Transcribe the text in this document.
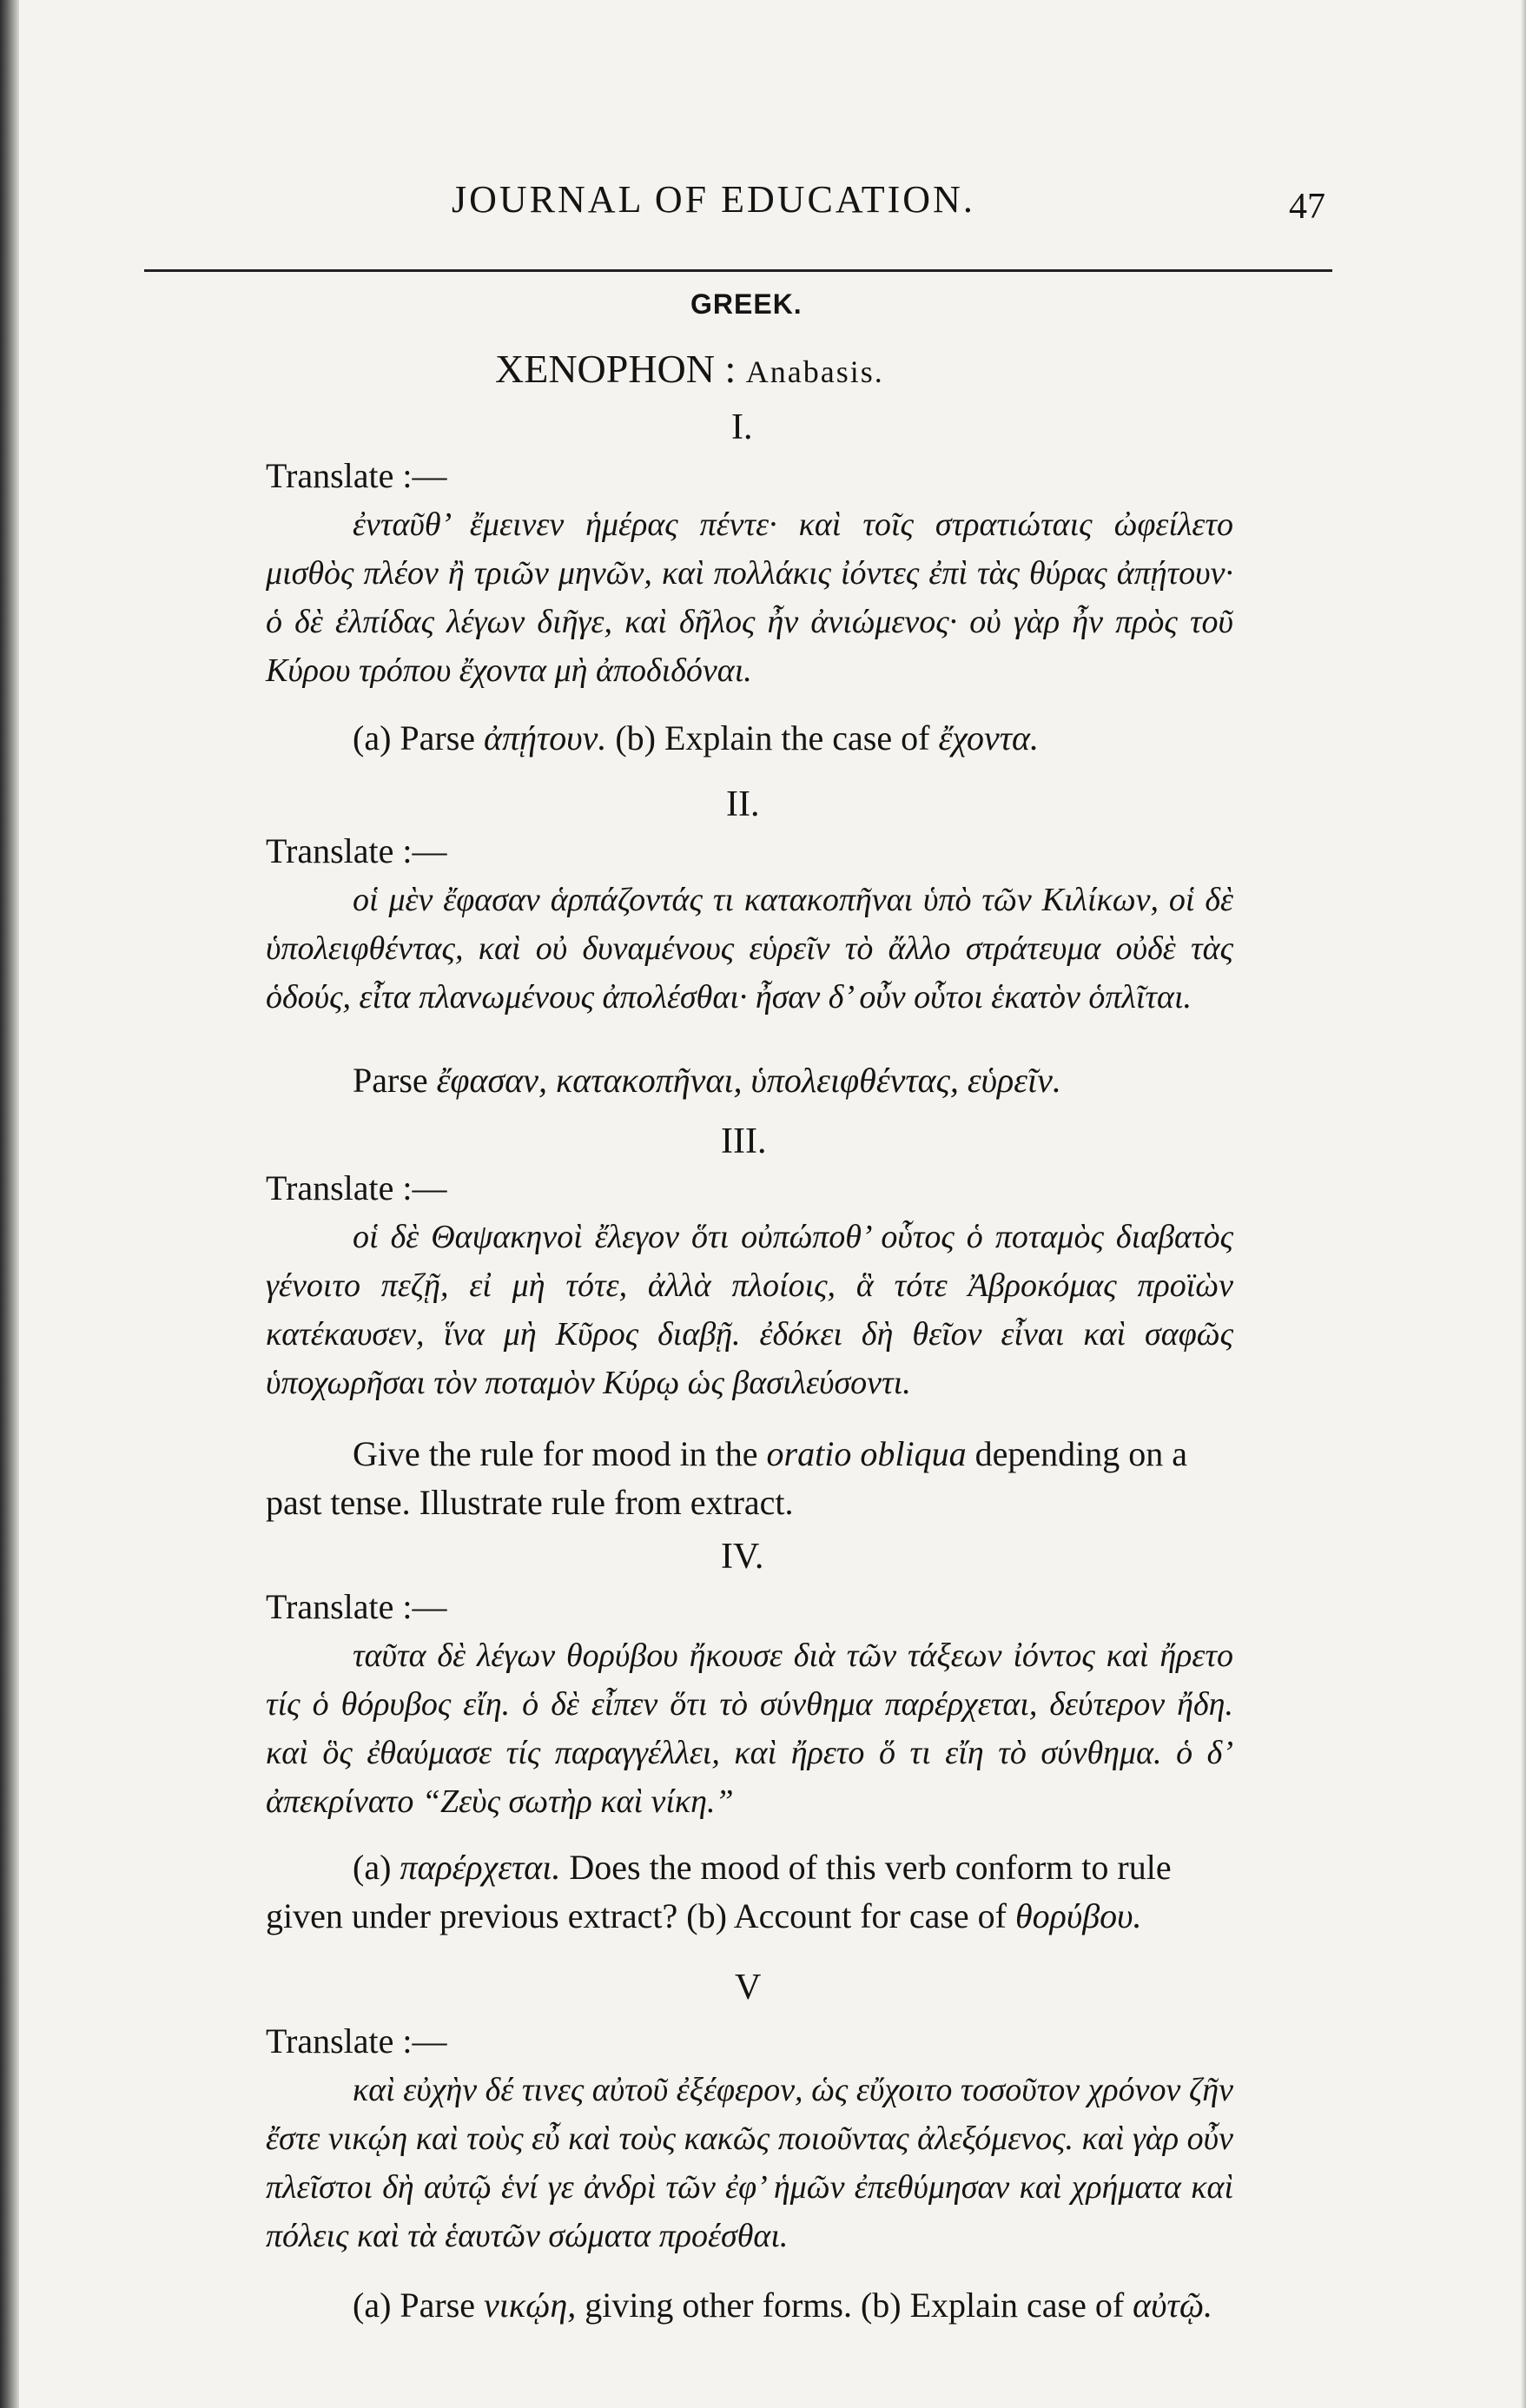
JOURNAL OF EDUCATION.	47
GREEK.
XENOPHON : Anabasis.
I.
Translate :—

ἐνταῦθ’ ἔμεινεν ἡμέρας πέντε· καὶ τοῖς στρατιώταις ὠφείλετο μισθὸς πλέον ἢ τριῶν μηνῶν, καὶ πολλάκις ἰόντες ἐπὶ τὰς θύρας ἀπῄτουν· ὁ δὲ ἐλπίδας λέγων διῆγε, καὶ δῆλος ἦν ἀνιώμενος· οὐ γὰρ ἦν πρὸς τοῦ Κύρου τρόπου ἔχοντα μὴ ἀποδιδόναι.

(a) Parse ἀπῄτουν. (b) Explain the case of ἔχοντα.

II.
Translate :—

οἱ μὲν ἔφασαν ἁρπάζοντάς τι κατακοπῆναι ὑπὸ τῶν Κιλίκων, οἱ δὲ ὑπολειφθέντας, καὶ οὐ δυναμένους εὑρεῖν τὸ ἄλλο στράτευμα οὐδὲ τὰς ὁδούς, εἶτα πλανωμένους ἀπολέσθαι· ἦσαν δ’ οὖν οὗτοι ἑκατὸν ὁπλῖται.

Parse ἔφασαν, κατακοπῆναι, ὑπολειφθέντας, εὑρεῖν.

III.
Translate :—

οἱ δὲ Θαψακηνοὶ ἔλεγον ὅτι οὐπώποθ’ οὗτος ὁ ποταμὸς διαβατὸς γένοιτο πεζῇ, εἰ μὴ τότε, ἀλλὰ πλοίοις, ἃ τότε Ἀβροκόμας προϊὼν κατέκαυσεν, ἵνα μὴ Κῦρος διαβῇ. ἐδόκει δὴ θεῖον εἶναι καὶ σαφῶς ὑποχωρῆσαι τὸν ποταμὸν Κύρῳ ὡς βασιλεύσοντι.

Give the rule for mood in the oratio obliqua depending on a past tense. Illustrate rule from extract.

IV.
Translate :—

ταῦτα δὲ λέγων θορύβου ἤκουσε διὰ τῶν τάξεων ἰόντος καὶ ἤρετο τίς ὁ θόρυβος εἴη. ὁ δὲ εἶπεν ὅτι τὸ σύνθημα παρέρχεται, δεύτερον ἤδη. καὶ ὃς ἐθαύμασε τίς παραγγέλλει, καὶ ἤρετο ὅ τι εἴη τὸ σύνθημα. ὁ δ’ ἀπεκρίνατο “Ζεὺς σωτὴρ καὶ νίκη.”

(a) παρέρχεται. Does the mood of this verb conform to rule given under previous extract? (b) Account for case of θορύβου.

V
Translate :—

καὶ εὐχὴν δέ τινες αὐτοῦ ἐξέφερον, ὡς εὔχοιτο τοσοῦτον χρόνον ζῆν ἔστε νικῴη καὶ τοὺς εὖ καὶ τοὺς κακῶς ποιοῦντας ἀλεξόμενος. καὶ γὰρ οὖν πλεῖστοι δὴ αὐτῷ ἑνί γε ἀνδρὶ τῶν ἐφ’ ἡμῶν ἐπεθύμησαν καὶ χρήματα καὶ πόλεις καὶ τὰ ἑαυτῶν σώματα προέσθαι.

(a) Parse νικῴη, giving other forms. (b) Explain case of αὐτῷ.
